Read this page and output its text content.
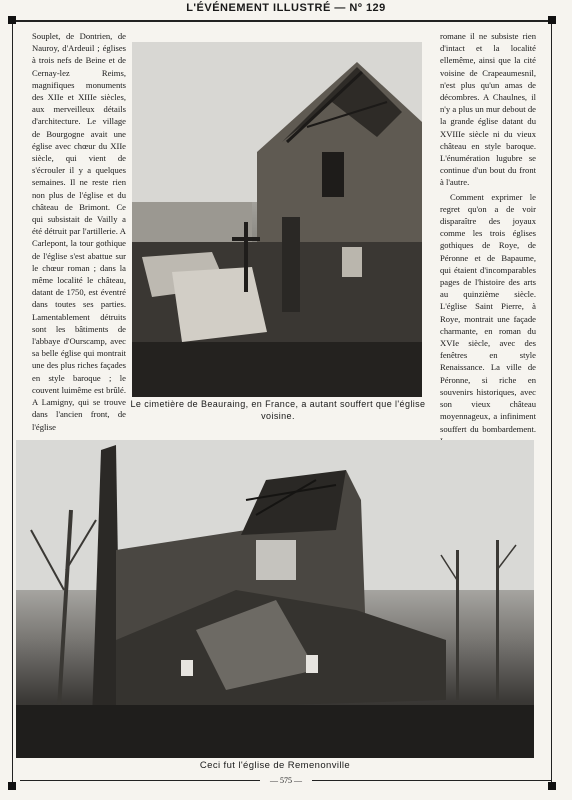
L'ÉVÉNEMENT ILLUSTRÉ — Nº 129

Souplet, de Dontrien, de Nauroy, d'Ardeuil ; églises à trois nefs de Beine et de Cernay-lez Reims, magnifiques monuments des XIIe et XIIIe siècles, aux merveilleux détails d'architecture. Le village de Bourgogne avait une église avec chœur du XIIe siècle, qui vient de s'écrouler il y a quelques semaines. Il ne reste rien non plus de l'église et du château de Brimont. Ce qui subsistait de Vailly a été détruit par l'artillerie. A Carlepont, la tour gothique de l'église s'est abattue sur le chœur roman ; dans la même localité le château, datant de 1750, est éventré dans toutes ses parties. Lamentablement détruits sont les bâtiments de l'abbaye d'Ourscamp, avec sa belle église qui montrait une des plus riches façades en style baroque ; le couvent luimême est brûlé. A Lamigny, qui se trouve dans l'ancien front, de l'église

Le cimetière de Beauraing, en France, a autant souffert que l'église voisine.

romane il ne subsiste rien d'intact et la localité ellemême, ainsi que la cité voisine de Crapeaumesnil, n'est plus qu'un amas de décombres. A Chaulnes, il n'y a plus un mur debout de la grande église datant du XVIIIe siècle ni du vieux château en style baroque. L'énumération lugubre se continue d'un bout du front à l'autre.

Comment exprimer le regret qu'on a de voir disparaître des joyaux comme les trois églises gothiques de Roye, de Péronne et de Bapaume, qui étaient d'incomparables pages de l'histoire des arts au quinzième siècle. L'église Saint Pierre, à Roye, montrait une façade charmante, en roman du XVIe siècle, avec des fenêtres en style Renaissance. La ville de Péronne, si riche en souvenirs historiques, avec son vieux château moyennageux, a infiniment souffert du bombardement.

Ceci fut l'église de Remenonville
— 575 —
